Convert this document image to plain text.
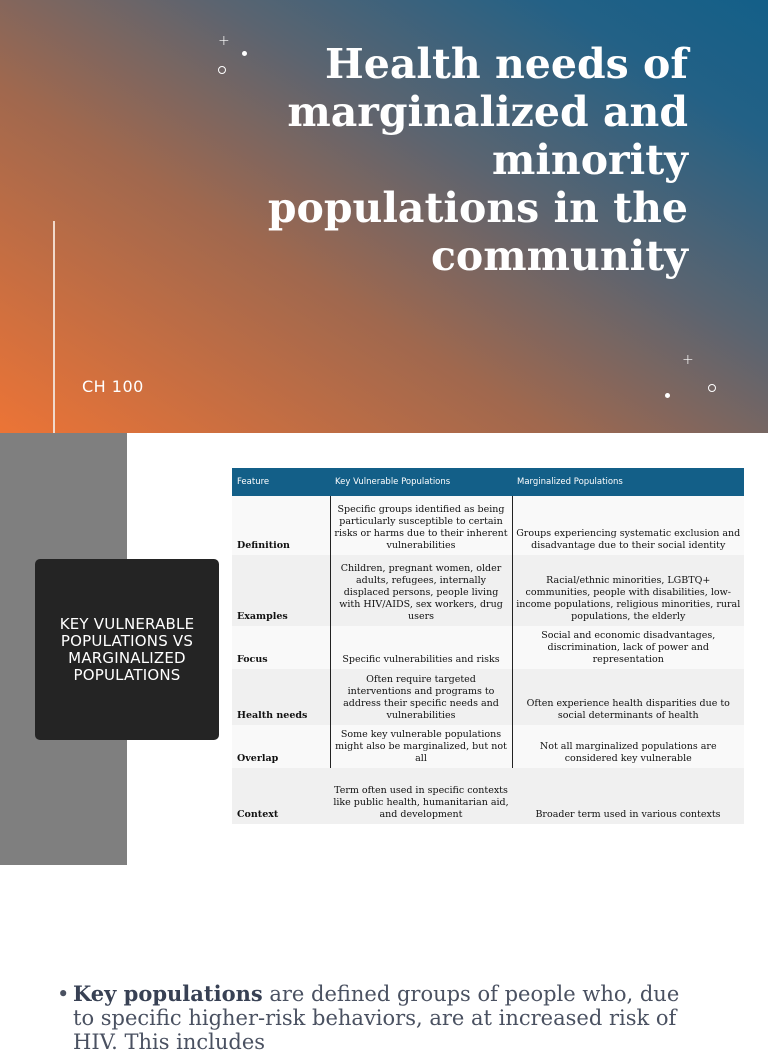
+
+
Health needs of marginalized and minority populations in the community
CH 100
KEY VULNERABLE POPULATIONS VS MARGINALIZED POPULATIONS
Feature	Key Vulnerable Populations	Marginalized Populations
Definition	Specific groups identified as being particularly susceptible to certain risks or harms due to their inherent vulnerabilities	Groups experiencing systematic exclusion and disadvantage due to their social identity
Examples	Children, pregnant women, older adults, refugees, internally displaced persons, people living with HIV/AIDS, sex workers, drug users	Racial/ethnic minorities, LGBTQ+ communities, people with disabilities, low-income populations, religious minorities, rural populations, the elderly
Focus	Specific vulnerabilities and risks	Social and economic disadvantages, discrimination, lack of power and representation
Health needs	Often require targeted interventions and programs to address their specific needs and vulnerabilities	Often experience health disparities due to social determinants of health
Overlap	Some key vulnerable populations might also be marginalized, but not all	Not all marginalized populations are considered key vulnerable
Context	Term often used in specific contexts like public health, humanitarian aid, and development	Broader term used in various contexts

• Key populations are defined groups of people who, due to specific higher-risk behaviors, are at increased risk of HIV. This includes
